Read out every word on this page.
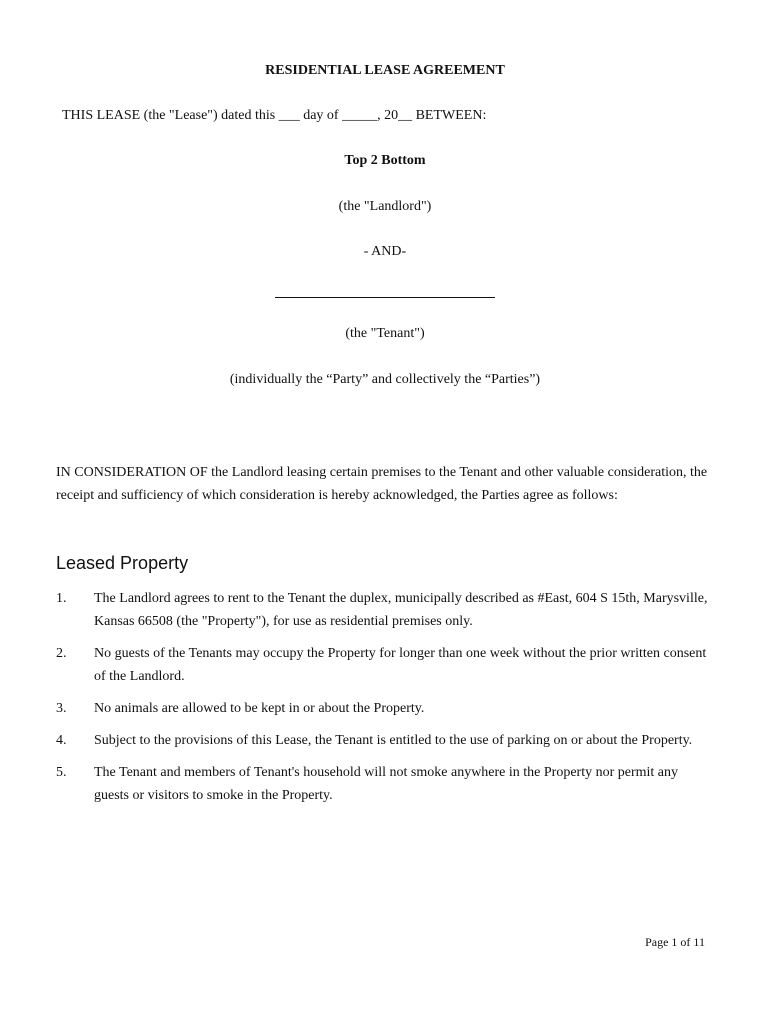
RESIDENTIAL LEASE AGREEMENT
THIS LEASE (the "Lease") dated this ___ day of _____, 20__ BETWEEN:
Top 2 Bottom
(the "Landlord")
- AND-
(the "Tenant")
(individually the “Party” and collectively the “Parties”)
IN CONSIDERATION OF the Landlord leasing certain premises to the Tenant and other valuable consideration, the receipt and sufficiency of which consideration is hereby acknowledged, the Parties agree as follows:
Leased Property
1.	The Landlord agrees to rent to the Tenant the duplex, municipally described as #East, 604 S 15th, Marysville, Kansas 66508 (the "Property"), for use as residential premises only.
2.	No guests of the Tenants may occupy the Property for longer than one week without the prior written consent of the Landlord.
3.	No animals are allowed to be kept in or about the Property.
4.	Subject to the provisions of this Lease, the Tenant is entitled to the use of parking on or about the Property.
5.	The Tenant and members of Tenant's household will not smoke anywhere in the Property nor permit any guests or visitors to smoke in the Property.
Page 1 of 11
